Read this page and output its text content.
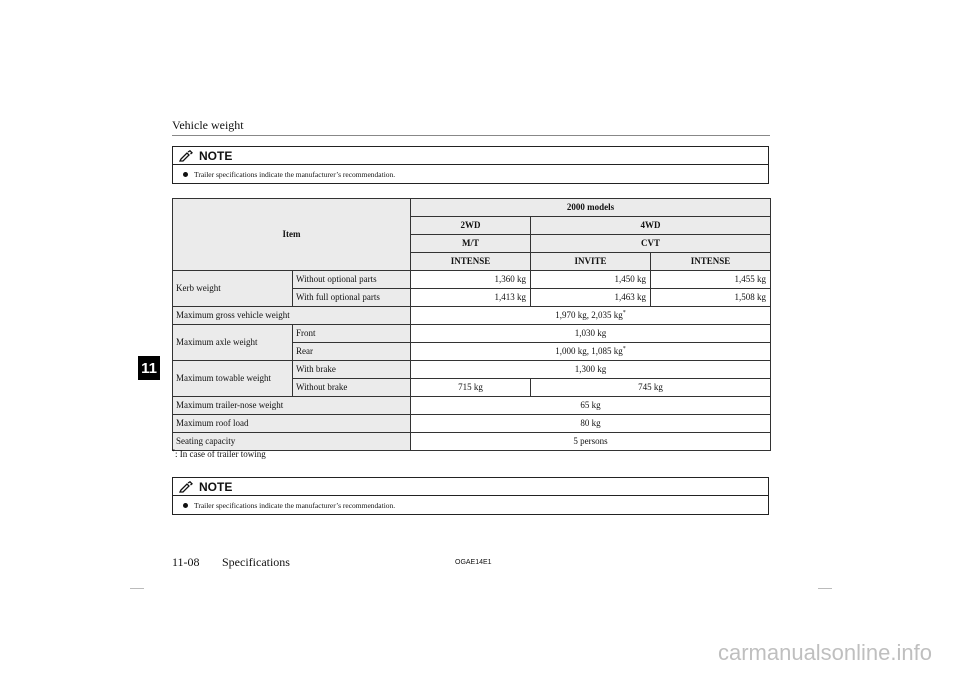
Vehicle weight
NOTE
Trailer specifications indicate the manufacturer’s recommendation.
Item		2000 models		
		2WD	4WD	
		M/T	CVT	
		INTENSE	INVITE	INTENSE
Kerb weight	Without optional parts	1,360 kg	1,450 kg	1,455 kg
	With full optional parts	1,413 kg	1,463 kg	1,508 kg
Maximum gross vehicle weight		1,970 kg, 2,035 kg*
Maximum axle weight	Front	1,030 kg		
	Rear	1,000 kg, 1,085 kg*
Maximum towable weight	With brake	1,300 kg		
	Without brake	715 kg	745 kg	
Maximum trailer-nose weight		65 kg		
Maximum roof load		80 kg		
Seating capacity		5 persons		
*: In case of trailer towing
NOTE
Trailer specifications indicate the manufacturer’s recommendation.
11
11-08 Specifications	OGAE14E1
carmanualsonline.info
